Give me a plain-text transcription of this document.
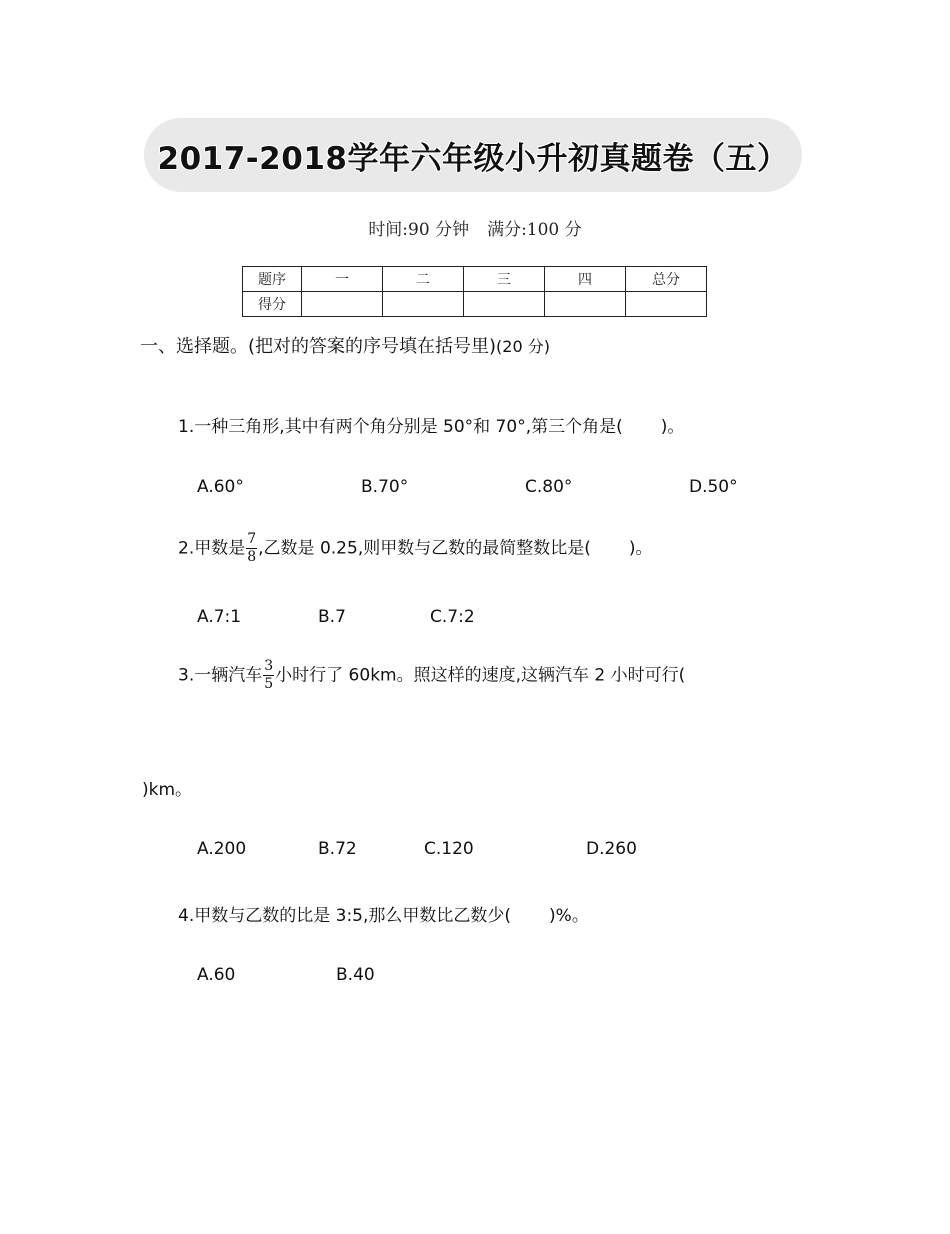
2017-2018学年六年级小升初真题卷（五）
时间:90 分钟 满分:100 分
题序	一	二	三	四	总分
得分					
一、选择题。(把对的答案的序号填在括号里)(20 分)
1.一种三角形,其中有两个角分别是 50°和 70°,第三个角是( )。
A.60°	B.70°	C.80°	D.50°
2.甲数是 $\frac{7}{8}$ ,乙数是 0.25,则甲数与乙数的最简整数比是( )。
A.7:1	B.7	C.7:2
3.一辆汽车 $\frac{3}{5}$ 小时行了 60km。照这样的速度,这辆汽车 2 小时可行(
)km。
A.200	B.72	C.120	D.260
4.甲数与乙数的比是 3:5,那么甲数比乙数少( )%。
A.60	B.40
